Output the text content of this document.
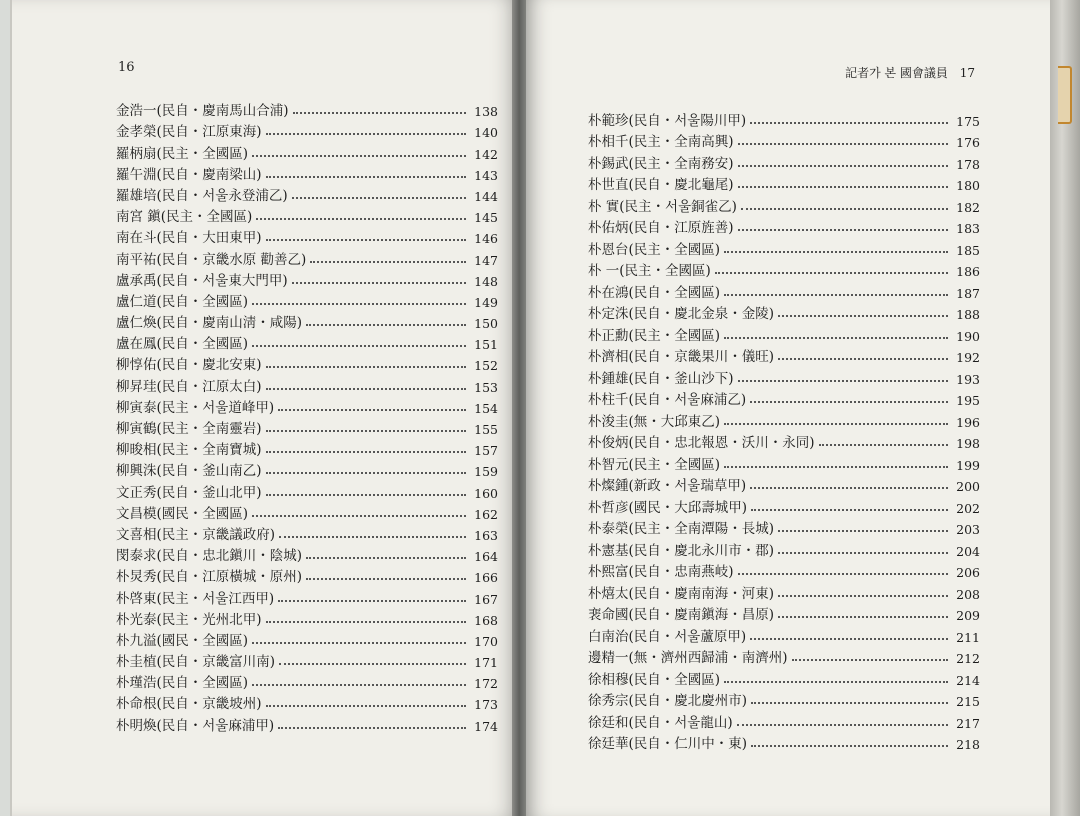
16	記者가 본 國會議員 17
金浩一(民自・慶南馬山合浦)	138
金孝榮(民自・江原東海)	140
羅柄扇(民主・全國區)	142
羅午淵(民自・慶南梁山)	143
羅雄培(民自・서울永登浦乙)	144
南宮 鎭(民主・全國區)	145
南在斗(民自・大田東甲)	146
南平祐(民自・京畿水原 勸善乙)	147
盧承禹(民自・서울東大門甲)	148
盧仁道(民自・全國區)	149
盧仁煥(民自・慶南山淸・咸陽)	150
盧在鳳(民自・全國區)	151
柳惇佑(民自・慶北安東)	152
柳昇珪(民自・江原太白)	153
柳寅泰(民主・서울道峰甲)	154
柳寅鶴(民主・全南靈岩)	155
柳晙相(民主・全南寶城)	157
柳興洙(民自・釜山南乙)	159
文正秀(民自・釜山北甲)	160
文昌模(國民・全國區)	162
文喜相(民主・京畿議政府)	163
閔泰求(民自・忠北鎭川・陰城)	164
朴炅秀(民自・江原橫城・原州)	166
朴啓東(民主・서울江西甲)	167
朴光泰(民主・光州北甲)	168
朴九溢(國民・全國區)	170
朴圭植(民自・京畿富川南)	171
朴瑾浩(民自・全國區)	172
朴命根(民自・京畿坡州)	173
朴明煥(民自・서울麻浦甲)	174
朴範珍(民自・서울陽川甲)	175
朴相千(民主・全南高興)	176
朴錫武(民主・全南務安)	178
朴世直(民自・慶北龜尾)	180
朴 實(民主・서울銅雀乙)	182
朴佑炳(民自・江原旌善)	183
朴恩台(民主・全國區)	185
朴 一(民主・全國區)	186
朴在鴻(民自・全國區)	187
朴定洙(民自・慶北金泉・金陵)	188
朴正勳(民主・全國區)	190
朴濟相(民自・京畿果川・儀旺)	192
朴鍾雄(民自・釜山沙下)	193
朴柱千(民自・서울麻浦乙)	195
朴浚圭(無・大邱東乙)	196
朴俊炳(民自・忠北報恩・沃川・永同)	198
朴智元(民主・全國區)	199
朴燦鍾(新政・서울瑞草甲)	200
朴哲彦(國民・大邱壽城甲)	202
朴泰榮(民主・全南潭陽・長城)	203
朴憲基(民自・慶北永川市・郡)	204
朴熙富(民自・忠南燕岐)	206
朴熺太(民自・慶南南海・河東)	208
裵命國(民自・慶南鎭海・昌原)	209
白南治(民自・서울蘆原甲)	211
邊精一(無・濟州西歸浦・南濟州)	212
徐相穆(民自・全國區)	214
徐秀宗(民自・慶北慶州市)	215
徐廷和(民自・서울龍山)	217
徐廷華(民自・仁川中・東)	218
